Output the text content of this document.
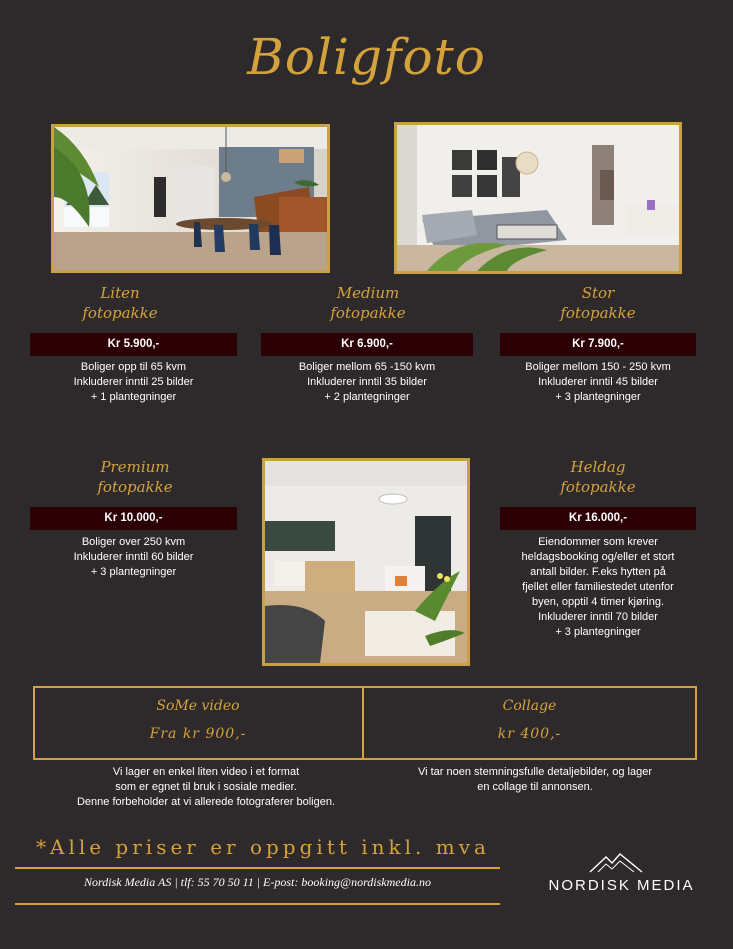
Boligfoto
Liten
fotopakke
Kr 5.900,-
Boliger opp til 65 kvm
Inkluderer inntil 25 bilder
+ 1 plantegninger
Medium
fotopakke
Kr 6.900,-
Boliger mellom 65 -150 kvm
Inkluderer inntil 35 bilder
+ 2 plantegninger
Stor
fotopakke
Kr 7.900,-
Boliger mellom 150 - 250 kvm
Inkluderer inntil 45 bilder
+ 3 plantegninger
Premium
fotopakke
Kr 10.000,-
Boliger over 250 kvm
Inkluderer inntil 60 bilder
+ 3 plantegninger
Heldag
fotopakke
Kr 16.000,-
Eiendommer som krever
heldagsbooking og/eller et stort
antall bilder. F.eks hytten på
fjellet eller familiestedet utenfor
byen, opptil 4 timer kjøring.
Inkluderer inntil 70 bilder
+ 3 plantegninger
SoMe video
Fra kr 900,-
Collage
kr 400,-
Vi lager en enkel liten video i et format
som er egnet til bruk i sosiale medier.
Denne forbeholder at vi allerede fotograferer boligen.
Vi tar noen stemningsfulle detaljebilder, og lager
en collage til annonsen.
*Alle priser er oppgitt inkl. mva
Nordisk Media AS | tlf: 55 70 50 11 | E-post: booking@nordiskmedia.no	NORDISK MEDIA
